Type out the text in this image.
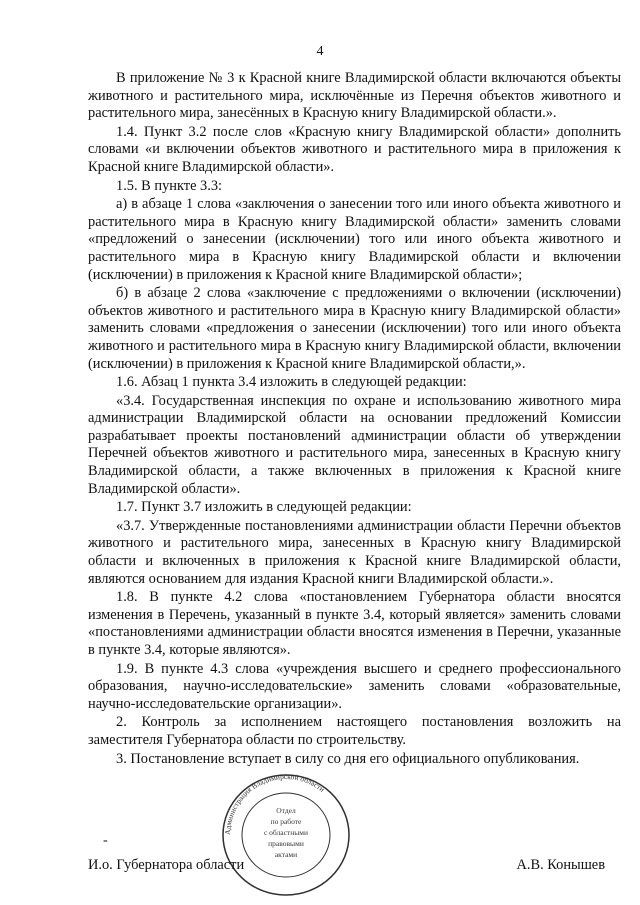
4

В приложение № 3 к Красной книге Владимирской области включаются объекты животного и растительного мира, исключённые из Перечня объектов животного и растительного мира, занесённых в Красную книгу Владимирской области.».

1.4. Пункт 3.2 после слов «Красную книгу Владимирской области» дополнить словами «и включении объектов животного и растительного мира в приложения к Красной книге Владимирской области».

1.5. В пункте 3.3:

а) в абзаце 1 слова «заключения о занесении того или иного объекта животного и растительного мира в Красную книгу Владимирской области» заменить словами «предложений о занесении (исключении) того или иного объекта животного и растительного мира в Красную книгу Владимирской области и включении (исключении) в приложения к Красной книге Владимирской области»;

б) в абзаце 2 слова «заключение с предложениями о включении (исключении) объектов животного и растительного мира в Красную книгу Владимирской области» заменить словами «предложения о занесении (исключении) того или иного объекта животного и растительного мира в Красную книгу Владимирской области, включении (исключении) в приложения к Красной книге Владимирской области,».

1.6. Абзац 1 пункта 3.4 изложить в следующей редакции:

«3.4. Государственная инспекция по охране и использованию животного мира администрации Владимирской области на основании предложений Комиссии разрабатывает проекты постановлений администрации области об утверждении Перечней объектов животного и растительного мира, занесенных в Красную книгу Владимирской области, а также включенных в приложения к Красной книге Владимирской области».

1.7. Пункт 3.7 изложить в следующей редакции:

«3.7. Утвержденные постановлениями администрации области Перечни объектов животного и растительного мира, занесенных в Красную книгу Владимирской области и включенных в приложения к Красной книге Владимирской области, являются основанием для издания Красной книги Владимирской области.».

1.8. В пункте 4.2 слова «постановлением Губернатора области вносятся изменения в Перечень, указанный в пункте 3.4, который является» заменить словами «постановлениями администрации области вносятся изменения в Перечни, указанные в пункте 3.4, которые являются».

1.9. В пункте 4.3 слова «учреждения высшего и среднего профессионального образования, научно-исследовательские» заменить словами «образовательные, научно-исследовательские организации».

2. Контроль за исполнением настоящего постановления возложить на заместителя Губернатора области по строительству.

3. Постановление вступает в силу со дня его официального опубликования.

-
Администрация Владимирской области
Отдел
по работе
с областными
правовыми
актами
И.о. Губернатора области	А.В. Конышев
